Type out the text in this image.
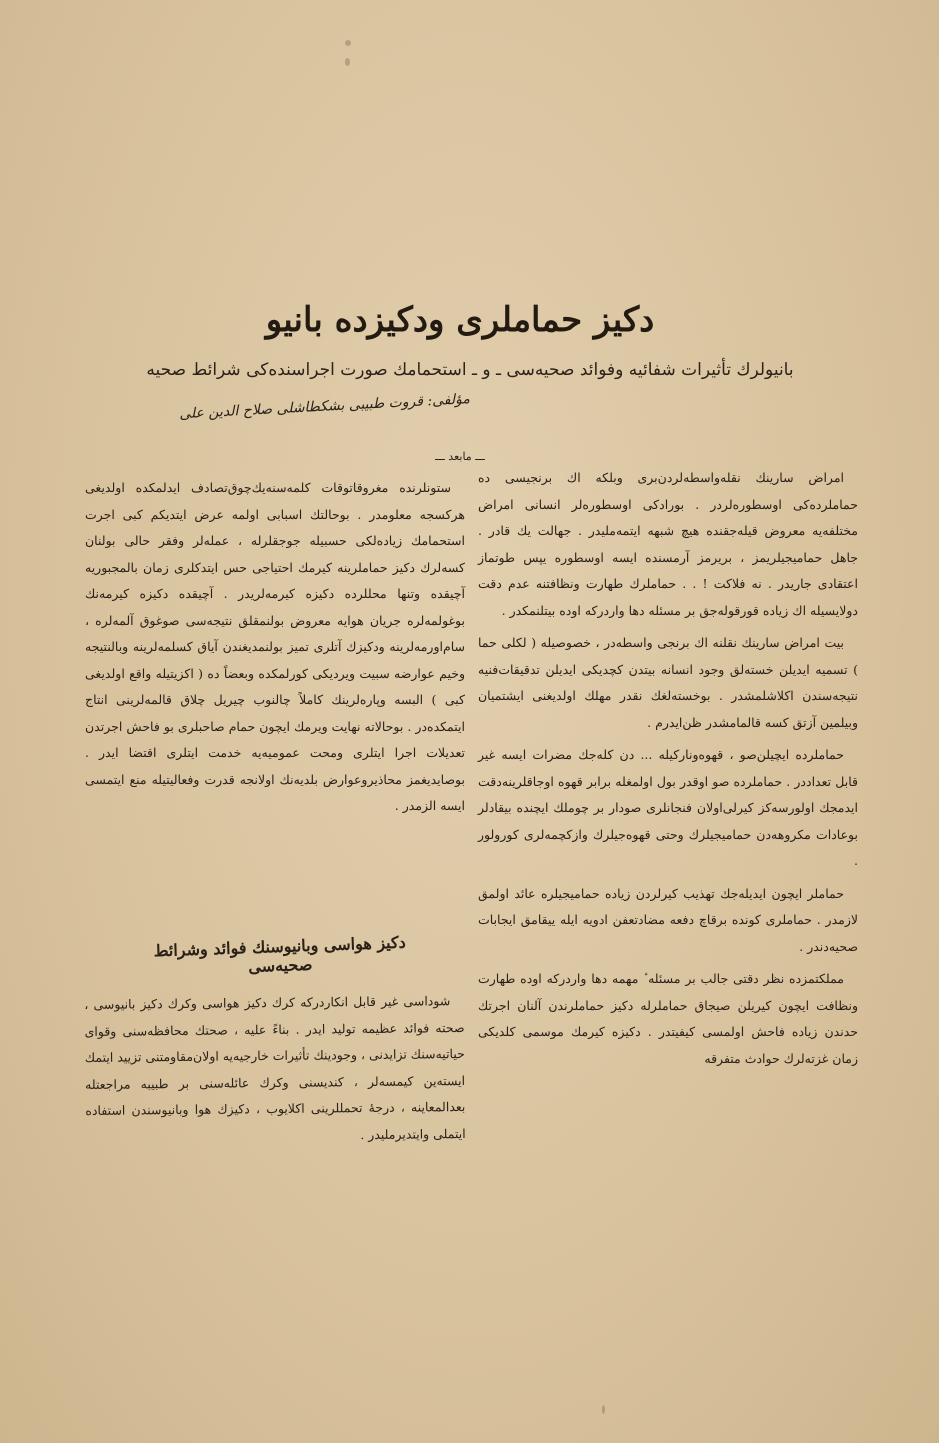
دكيز حماملرى ودكيزده بانيو
بانيولرك تأثيرات شفائيه وفوائد صحيه‌سى ـ و ـ استحمامك صورت اجراسنده‌كى شرائط صحيه
مؤلفى: قروت طبيبى بشكطاشلى صلاح الدين على
ـــ مابعد ـــ

امراض سارينك نقله‌واسطه‌لردن‌برى وبلكه‌ اك برنجيسى ده حماملرده‌كى اوسطوره‌لردر . بورادكى اوسطوره‌لر انسانى امراض مختلفه‌يه معروض قيله‌جقنده هيچ شبهه ايتمه‌مليدر . جهالت يك قادر . جاهل حماميجيلريمز ، بريرمز آرمسنده ايسه اوسطوره يپس طوتماز اعتقادى جاريدر . نه فلاكت ! . . حماملرك طهارت ونظافتنه عدم دقت دولايسيله اك زياده قورقوله‌جق بر مسئله دها واردركه اوده بيتلنمكدر .

بيت امراض سارينك نقلنه اك برنجى واسطه‌در ، خصوصيله ( لكلى حما ) تسميه ايديلن خسته‌لق وجود انسانه بيتدن كچديكى ايديلن تدقيقات‌فنيه نتيجه‌سندن اكلاشلمشدر . بوخسته‌لغك نقدر مهلك اولديغنى ايشتميان وبيلمين آزتق كسه قالمامشدر ظن‌ايدرم .

حماملرده ايچيلن‌صو ، قهوه‌وناركيله ... دن كله‌جك مضرات ايسه غير قابل تعداددر . حماملرده صو اوقدر بول اولمغله برابر قهوه اوجاقلرينه‌دقت ايدمجك اولورسه‌كز كيرلى‌اولان فنجانلرى صودار بر چوملك ايچنده بيقادلر بوعادات مكروهه‌دن حماميجيلرك وحتى قهوه‌جيلرك وازكچمه‌لرى كورولور .

حماملر ايچون ايديله‌جك تهذيب كيرلردن زياده حماميجيلره عائد اولمق لازمدر . حماملرى كونده برقاچ دفعه مضادتعفن ادويه ايله ييقامق ايجابات صحيه‌دندر .

مملكتمزده نظر دقتى جالب بر مسئله ٔ مهمه دها واردركه اوده طهارت ونظافت ايچون كيريلن صيجاق حماملرله دكيز حماملرندن آلنان اجرتك حدندن زياده فاحش اولمسى كيفيتدر . دكيزه كيرمك موسمى كلديكى زمان غزته‌لرك حوادث متفرقه

ستونلرنده مغروقاتوقات كلمه‌سنه‌يك‌چوق‌تصادف ايدلمكده اولديغى هركسجه معلومدر . بوحالتك اسبابى اولمه عرض ايتديكم كبى اجرت استحمامك زياده‌لكى حسبيله جوجقلرله ، عمله‌لر وفقر حالى بولنان كسه‌لرك دكيز حماملرينه كيرمك احتياجى حس ايتدكلرى زمان بالمجبوريه آچيقده وتنها محللرده دكيزه كيرمه‌لريدر . آچيقده دكيزه كيرمه‌نك بوغولمه‌لره جريان هوايه معروض بولنمقلق نتيجه‌سى صوغوق آلمه‌لره ، سام‌اورمه‌لرينه ودكيزك آتلرى تميز بولنمديغندن آياق كسلمه‌لرينه وبالنتيجه وخيم عوارضه سبيت ويرديكى كورلمكده وبعضاً ده ( اكزيتيله واقع اولديغى كبى ) البسه وپاره‌لرينك كاملاً چالنوب چيريل چلاق قالمه‌لرينى انتاج ايتمكده‌در . بوحالاته نهايت ويرمك ايچون حمام صاحبلرى بو فاحش اجرتدن تعديلات اجرا ايتلرى ومحت عموميه‌يه خدمت ايتلرى اقتضا ايدر . بوصايديغمز محاذيروعوارض بلديه‌نك اولانجه قدرت وفعاليتيله منع ايتمسى ايسه الزمدر .

دكيز هواسى وبانيوسنك فوائد وشرائط صحيه‌سى

شوداسى غير قابل انكاردركه كرك دكيز هواسى وكرك دكيز بانيوسى ، صحته فوائد عظيمه توليد ايدر . بناءً عليه ، صحتك محافظه‌سنى وقواى حياتيه‌سنك تزايدنى ، وجودينك تأثيرات خارجيه‌يه اولان‌مقاومتنى تزييد ايتمك ايسته‌ين كيمسه‌لر ، كنديسنى وكرك عائله‌سنى بر طبيبه مراجعتله بعدالمعاينه ، درجۀ تحمللرينى اكلايوب ، دكيزك هوا وبانيوسندن استفاده ايتملى وايتديرمليدر .
